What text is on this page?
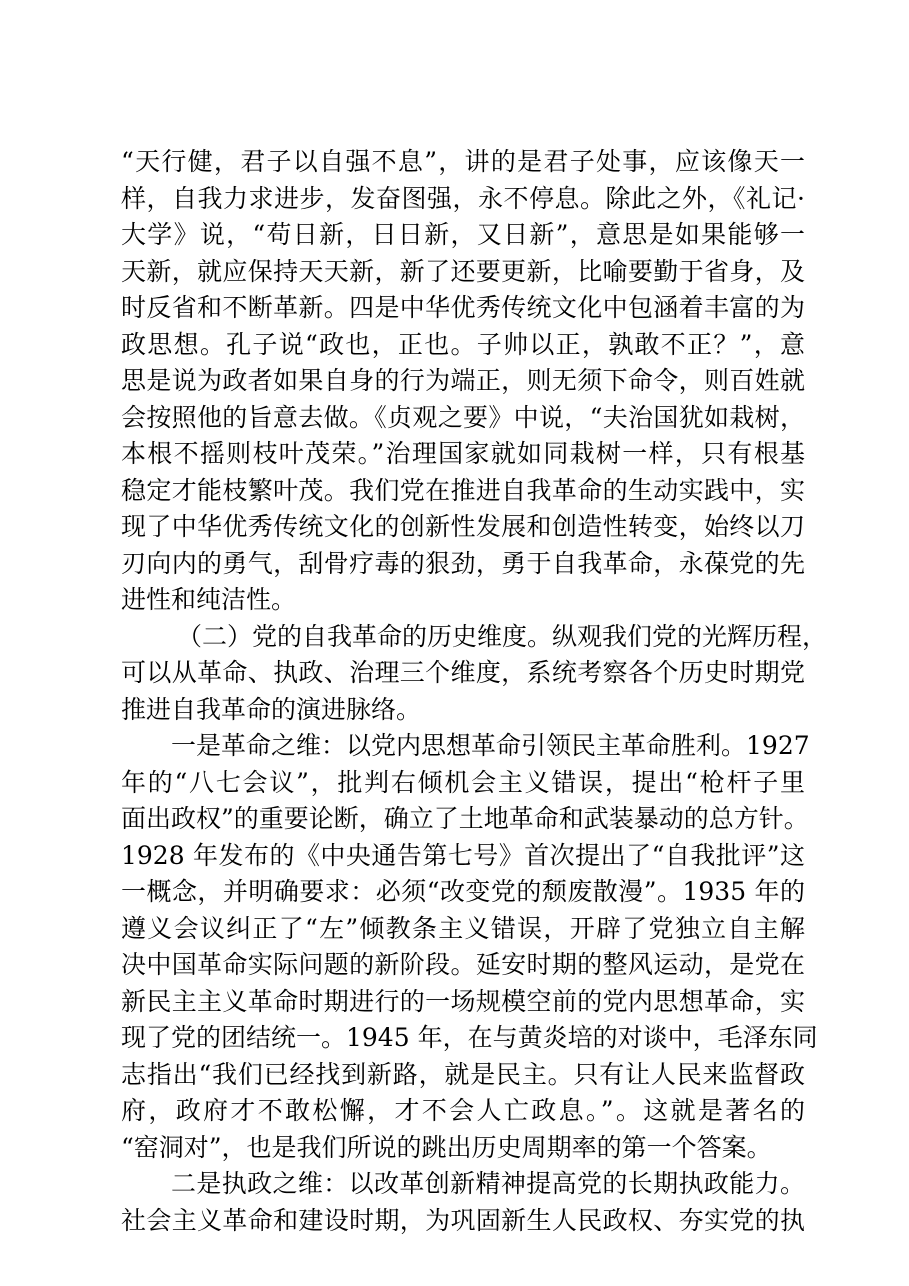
“天行健，君子以自强不息”，讲的是君子处事，应该像天一
样，自我力求进步，发奋图强，永不停息。除此之外，《礼记·
大学》说，“苟日新，日日新，又日新”，意思是如果能够一
天新，就应保持天天新，新了还要更新，比喻要勤于省身，及
时反省和不断革新。四是中华优秀传统文化中包涵着丰富的为
政思想。孔子说“政也，正也。子帅以正，孰敢不正？”，意
思是说为政者如果自身的行为端正，则无须下命令，则百姓就
会按照他的旨意去做。《贞观之要》中说，“夫治国犹如栽树，
本根不摇则枝叶茂荣。”治理国家就如同栽树一样，只有根基
稳定才能枝繁叶茂。我们党在推进自我革命的生动实践中，实
现了中华优秀传统文化的创新性发展和创造性转变，始终以刀
刃向内的勇气，刮骨疗毒的狠劲，勇于自我革命，永葆党的先
进性和纯洁性。
（二）党的自我革命的历史维度。纵观我们党的光辉历程，
可以从革命、执政、治理三个维度，系统考察各个历史时期党
推进自我革命的演进脉络。
一是革命之维：以党内思想革命引领民主革命胜利。1927
年的“八七会议”，批判右倾机会主义错误，提出“枪杆子里
面出政权”的重要论断，确立了土地革命和武装暴动的总方针。
1928 年发布的《中央通告第七号》首次提出了“自我批评”这
一概念，并明确要求：必须“改变党的颓废散漫”。1935 年的
遵义会议纠正了“左”倾教条主义错误，开辟了党独立自主解
决中国革命实际问题的新阶段。延安时期的整风运动，是党在
新民主主义革命时期进行的一场规模空前的党内思想革命，实
现了党的团结统一。1945 年，在与黄炎培的对谈中，毛泽东同
志指出“我们已经找到新路，就是民主。只有让人民来监督政
府，政府才不敢松懈，才不会人亡政息。”。这就是著名的
“窑洞对”，也是我们所说的跳出历史周期率的第一个答案。
二是执政之维：以改革创新精神提高党的长期执政能力。
社会主义革命和建设时期，为巩固新生人民政权、夯实党的执
